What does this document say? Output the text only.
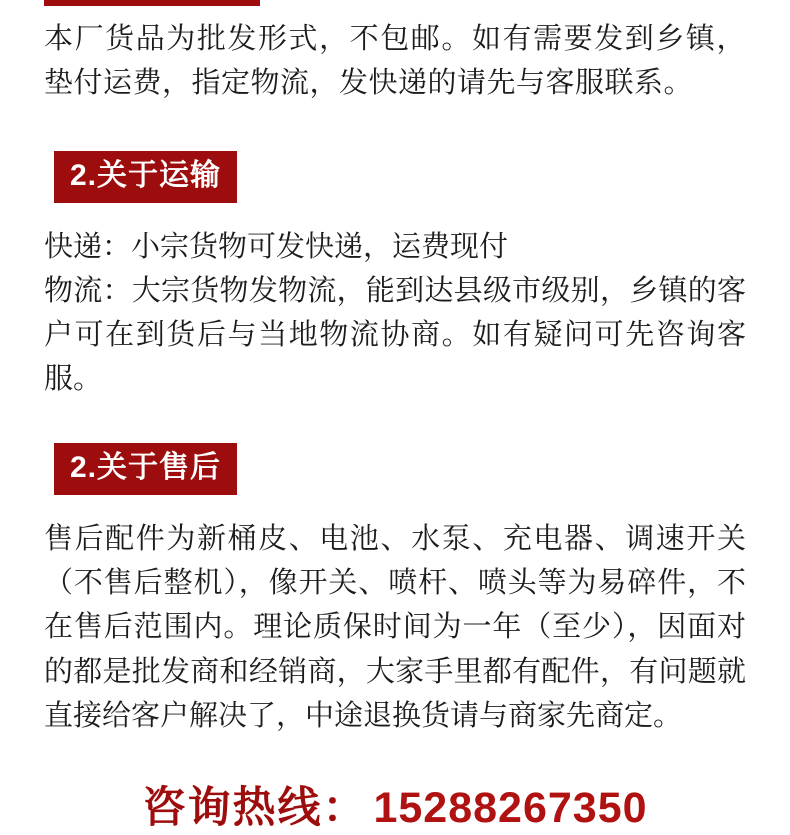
本厂货品为批发形式，不包邮。如有需要发到乡镇，垫付运费，指定物流，发快递的请先与客服联系。

2.关于运输
快递：小宗货物可发快递，运费现付
物流：大宗货物发物流，能到达县级市级别，乡镇的客户可在到货后与当地物流协商。如有疑问可先咨询客服。
2.关于售后
售后配件为新桶皮、电池、水泵、充电器、调速开关（不售后整机），像开关、喷杆、喷头等为易碎件，不在售后范围内。理论质保时间为一年（至少），因面对的都是批发商和经销商，大家手里都有配件，有问题就直接给客户解决了，中途退换货请与商家先商定。
咨询热线： 15288267350
